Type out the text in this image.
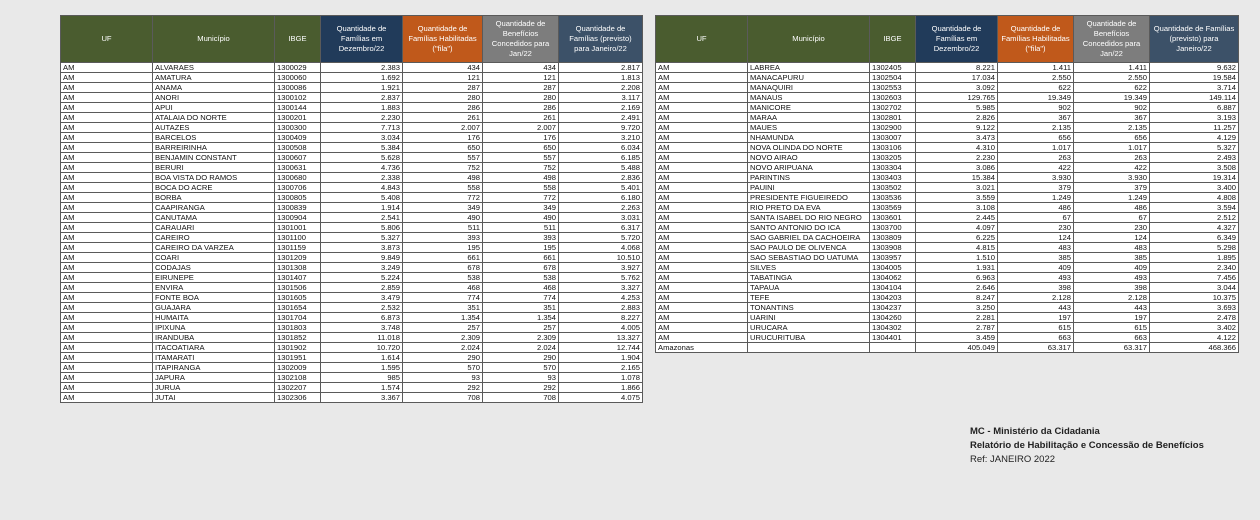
UF	Município	IBGE	Quantidade de Famílias em Dezembro/22	Quantidade de Famílias Habilitadas ("fila")	Quantidade de Benefícios Concedidos para Jan/22	Quantidade de Famílias (previsto) para Janeiro/22
AM	ALVARAES	1300029	2.383	434	434	2.817
AM	AMATURA	1300060	1.692	121	121	1.813
AM	ANAMA	1300086	1.921	287	287	2.208
AM	ANORI	1300102	2.837	280	280	3.117
AM	APUI	1300144	1.883	286	286	2.169
AM	ATALAIA DO NORTE	1300201	2.230	261	261	2.491
AM	AUTAZES	1300300	7.713	2.007	2.007	9.720
AM	BARCELOS	1300409	3.034	176	176	3.210
AM	BARREIRINHA	1300508	5.384	650	650	6.034
AM	BENJAMIN CONSTANT	1300607	5.628	557	557	6.185
AM	BERURI	1300631	4.736	752	752	5.488
AM	BOA VISTA DO RAMOS	1300680	2.338	498	498	2.836
AM	BOCA DO ACRE	1300706	4.843	558	558	5.401
AM	BORBA	1300805	5.408	772	772	6.180
AM	CAAPIRANGA	1300839	1.914	349	349	2.263
AM	CANUTAMA	1300904	2.541	490	490	3.031
AM	CARAUARI	1301001	5.806	511	511	6.317
AM	CAREIRO	1301100	5.327	393	393	5.720
AM	CAREIRO DA VARZEA	1301159	3.873	195	195	4.068
AM	COARI	1301209	9.849	661	661	10.510
AM	CODAJAS	1301308	3.249	678	678	3.927
AM	EIRUNEPE	1301407	5.224	538	538	5.762
AM	ENVIRA	1301506	2.859	468	468	3.327
AM	FONTE BOA	1301605	3.479	774	774	4.253
AM	GUAJARA	1301654	2.532	351	351	2.883
AM	HUMAITA	1301704	6.873	1.354	1.354	8.227
AM	IPIXUNA	1301803	3.748	257	257	4.005
AM	IRANDUBA	1301852	11.018	2.309	2.309	13.327
AM	ITACOATIARA	1301902	10.720	2.024	2.024	12.744
AM	ITAMARATI	1301951	1.614	290	290	1.904
AM	ITAPIRANGA	1302009	1.595	570	570	2.165
AM	JAPURA	1302108	985	93	93	1.078
AM	JURUA	1302207	1.574	292	292	1.866
AM	JUTAI	1302306	3.367	708	708	4.075
UF	Município	IBGE	Quantidade de Famílias em Dezembro/22	Quantidade de Famílias Habilitadas ("fila")	Quantidade de Benefícios Concedidos para Jan/22	Quantidade de Famílias (previsto) para Janeiro/22
AM	LABREA	1302405	8.221	1.411	1.411	9.632
AM	MANACAPURU	1302504	17.034	2.550	2.550	19.584
AM	MANAQUIRI	1302553	3.092	622	622	3.714
AM	MANAUS	1302603	129.765	19.349	19.349	149.114
AM	MANICORE	1302702	5.985	902	902	6.887
AM	MARAA	1302801	2.826	367	367	3.193
AM	MAUES	1302900	9.122	2.135	2.135	11.257
AM	NHAMUNDA	1303007	3.473	656	656	4.129
AM	NOVA OLINDA DO NORTE	1303106	4.310	1.017	1.017	5.327
AM	NOVO AIRAO	1303205	2.230	263	263	2.493
AM	NOVO ARIPUANA	1303304	3.086	422	422	3.508
AM	PARINTINS	1303403	15.384	3.930	3.930	19.314
AM	PAUINI	1303502	3.021	379	379	3.400
AM	PRESIDENTE FIGUEIREDO	1303536	3.559	1.249	1.249	4.808
AM	RIO PRETO DA EVA	1303569	3.108	486	486	3.594
AM	SANTA ISABEL DO RIO NEGRO	1303601	2.445	67	67	2.512
AM	SANTO ANTONIO DO ICA	1303700	4.097	230	230	4.327
AM	SAO GABRIEL DA CACHOEIRA	1303809	6.225	124	124	6.349
AM	SAO PAULO DE OLIVENCA	1303908	4.815	483	483	5.298
AM	SAO SEBASTIAO DO UATUMA	1303957	1.510	385	385	1.895
AM	SILVES	1304005	1.931	409	409	2.340
AM	TABATINGA	1304062	6.963	493	493	7.456
AM	TAPAUA	1304104	2.646	398	398	3.044
AM	TEFE	1304203	8.247	2.128	2.128	10.375
AM	TONANTINS	1304237	3.250	443	443	3.693
AM	UARINI	1304260	2.281	197	197	2.478
AM	URUCARA	1304302	2.787	615	615	3.402
AM	URUCURITUBA	1304401	3.459	663	663	4.122
Amazonas			405.049	63.317	63.317	468.366
MC - Ministério da Cidadania
Relatório de Habilitação e Concessão de Benefícios
Ref: JANEIRO 2022
